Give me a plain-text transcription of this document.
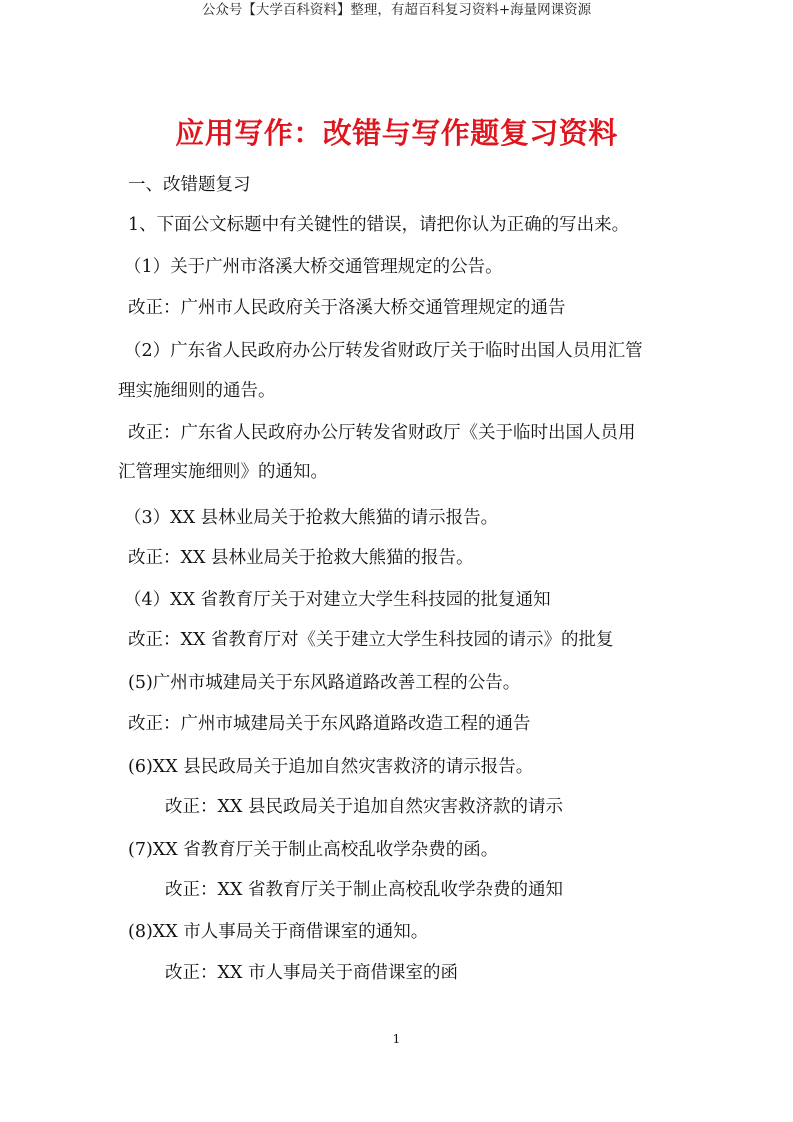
公众号【大学百科资料】整理，有超百科复习资料+海量网课资源
应用写作：改错与写作题复习资料
一、改错题复习
1、下面公文标题中有关键性的错误，请把你认为正确的写出来。
（1）关于广州市洛溪大桥交通管理规定的公告。
改正：广州市人民政府关于洛溪大桥交通管理规定的通告
（2）广东省人民政府办公厅转发省财政厅关于临时出国人员用汇管
理实施细则的通告。
改正：广东省人民政府办公厅转发省财政厅《关于临时出国人员用
汇管理实施细则》的通知。
（3）XX 县林业局关于抢救大熊猫的请示报告。
改正：XX 县林业局关于抢救大熊猫的报告。
（4）XX 省教育厅关于对建立大学生科技园的批复通知
改正：XX 省教育厅对《关于建立大学生科技园的请示》的批复
(5)广州市城建局关于东风路道路改善工程的公告。
改正：广州市城建局关于东风路道路改造工程的通告
(6)XX 县民政局关于追加自然灾害救济的请示报告。
改正：XX 县民政局关于追加自然灾害救济款的请示
(7)XX 省教育厅关于制止高校乱收学杂费的函。
改正：XX 省教育厅关于制止高校乱收学杂费的通知
(8)XX 市人事局关于商借课室的通知。
改正：XX 市人事局关于商借课室的函
1
